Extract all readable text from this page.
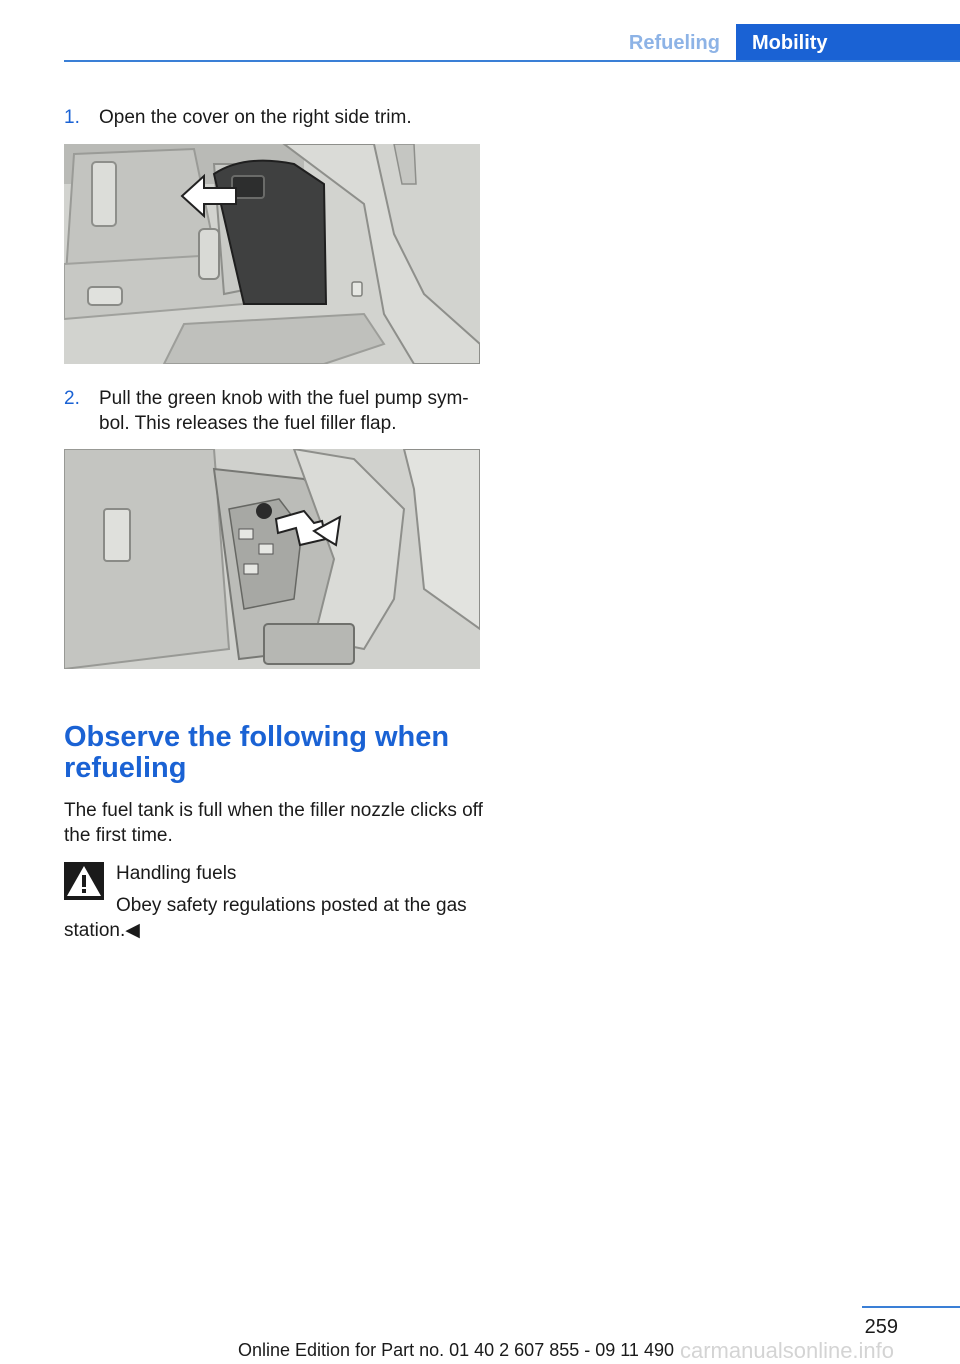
Refueling	Mobility
1. Open the cover on the right side trim.
2. Pull the green knob with the fuel pump sym‐bol. This releases the fuel filler flap.
Observe the following when refueling
The fuel tank is full when the filler nozzle clicks off the first time.
Handling fuels
Obey safety regulations posted at the gas
station.◀
259
Online Edition for Part no. 01 40 2 607 855 - 09 11 490 carmanualsonline.info
